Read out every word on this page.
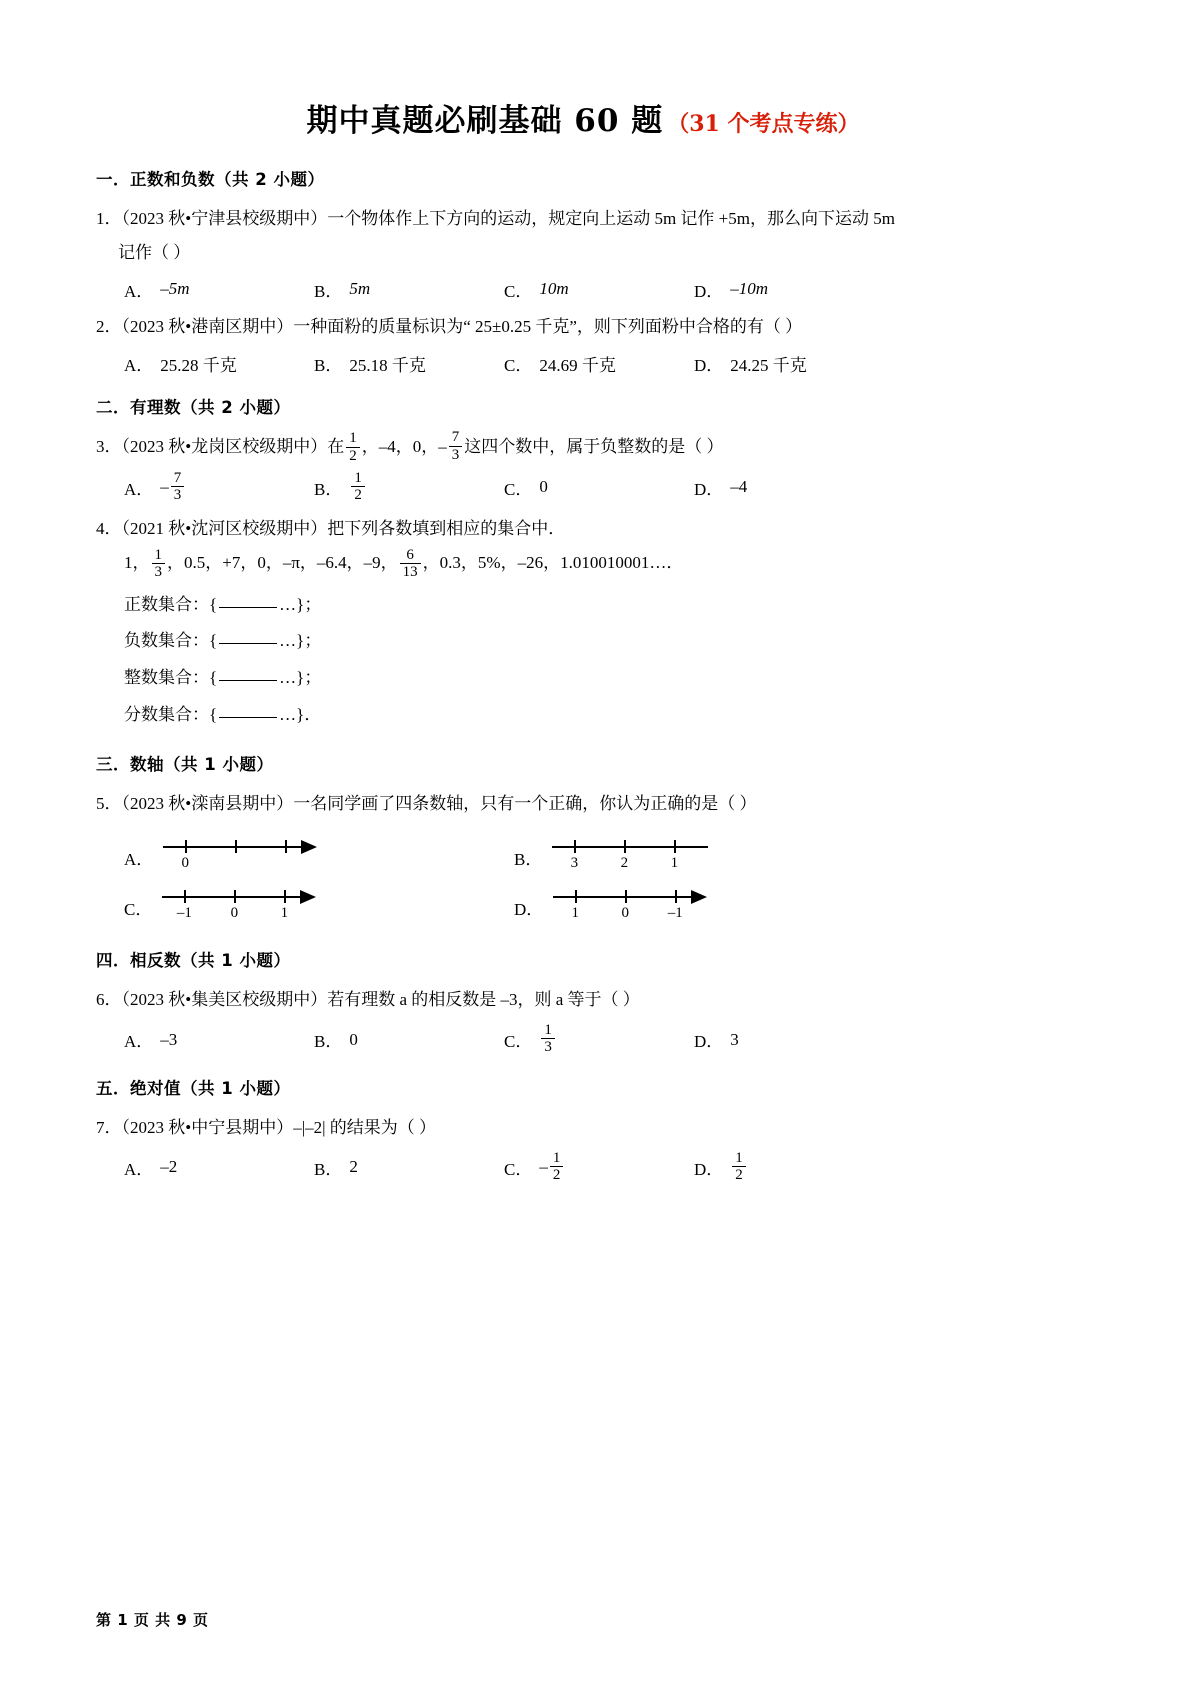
期中真题必刷基础 60 题 （31 个考点专练）
一．正数和负数（共 2 小题）
1．（2023 秋•宁津县校级期中）一个物体作上下方向的运动，规定向上运动 5m 记作 +5m，那么向下运动 5m
记作（ ）
A． –5m	B． 5m	C． 10m	D． –10m
2．（2023 秋•港南区期中）一种面粉的质量标识为“ 25±0.25 千克”，则下列面粉中合格的有（ ）
A． 25.28 千克	B． 25.18 千克	C． 24.69 千克	D． 24.25 千克
二．有理数（共 2 小题）
3．（2023 秋•龙岗区校级期中）在 $\frac{1}{2}$ ，–4，0， – $\frac{7}{3}$ 这四个数中，属于负整数的是（ ）
A． – $\frac{7}{3}$	B． $\frac{1}{2}$	C． 0	D． –4
4．（2021 秋•沈河区校级期中）把下列各数填到相应的集合中．
1， $\frac{1}{3}$ ，0.5，+7，0，–π，–6.4，–9， $\frac{6}{13}$ ，0.3，5%，–26，1.010010001…．
正数集合：{	…}；
负数集合：{	…}；
整数集合：{	…}；
分数集合：{	…}．
三．数轴（共 1 小题）
5．（2023 秋•滦南县期中）一名同学画了四条数轴，只有一个正确，你认为正确的是（ ）
A． 0	B． 3	2	1
C． –1	0	1	D． 1	0	–1
四．相反数（共 1 小题）
6．（2023 秋•集美区校级期中）若有理数 a 的相反数是 –3，则 a 等于（ ）
A． –3	B． 0	C． $\frac{1}{3}$	D． 3
五．绝对值（共 1 小题）
7．（2023 秋•中宁县期中）–|–2| 的结果为（ ）
A． –2	B． 2	C． – $\frac{1}{2}$	D． $\frac{1}{2}$
第 1 页 共 9 页
